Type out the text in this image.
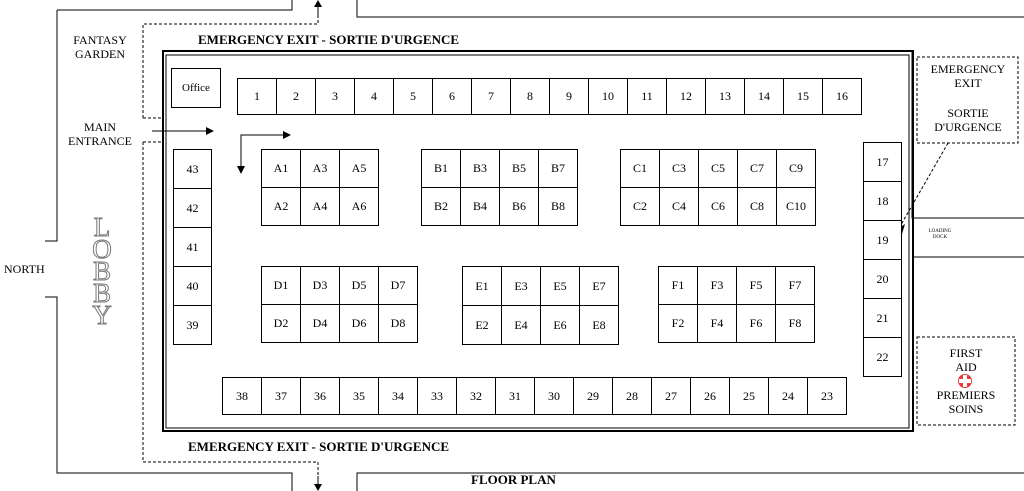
EMERGENCY EXIT - SORTIE D'URGENCE
EMERGENCY EXIT - SORTIE D'URGENCE
FLOOR PLAN
FANTASY
GARDEN
MAIN
ENTRANCE
NORTH
L
O
B
B
Y
EMERGENCY
EXIT
SORTIE
D'URGENCE
LOADING
DOCK
FIRST
AID
PREMIERS
SOINS
Office
1	2	3	4	5	6	7	8	9	10	11	12	13	14	15	16
38	37	36	35	34	33	32	31	30	29	28	27	26	25	24	23
43
42
41
40
39
17
18
19
20
21
22
A1	A3	A5
A2	A4	A6
B1	B3	B5	B7
B2	B4	B6	B8
C1	C3	C5	C7	C9
C2	C4	C6	C8	C10
D1	D3	D5	D7
D2	D4	D6	D8
E1	E3	E5	E7
E2	E4	E6	E8
F1	F3	F5	F7
F2	F4	F6	F8
